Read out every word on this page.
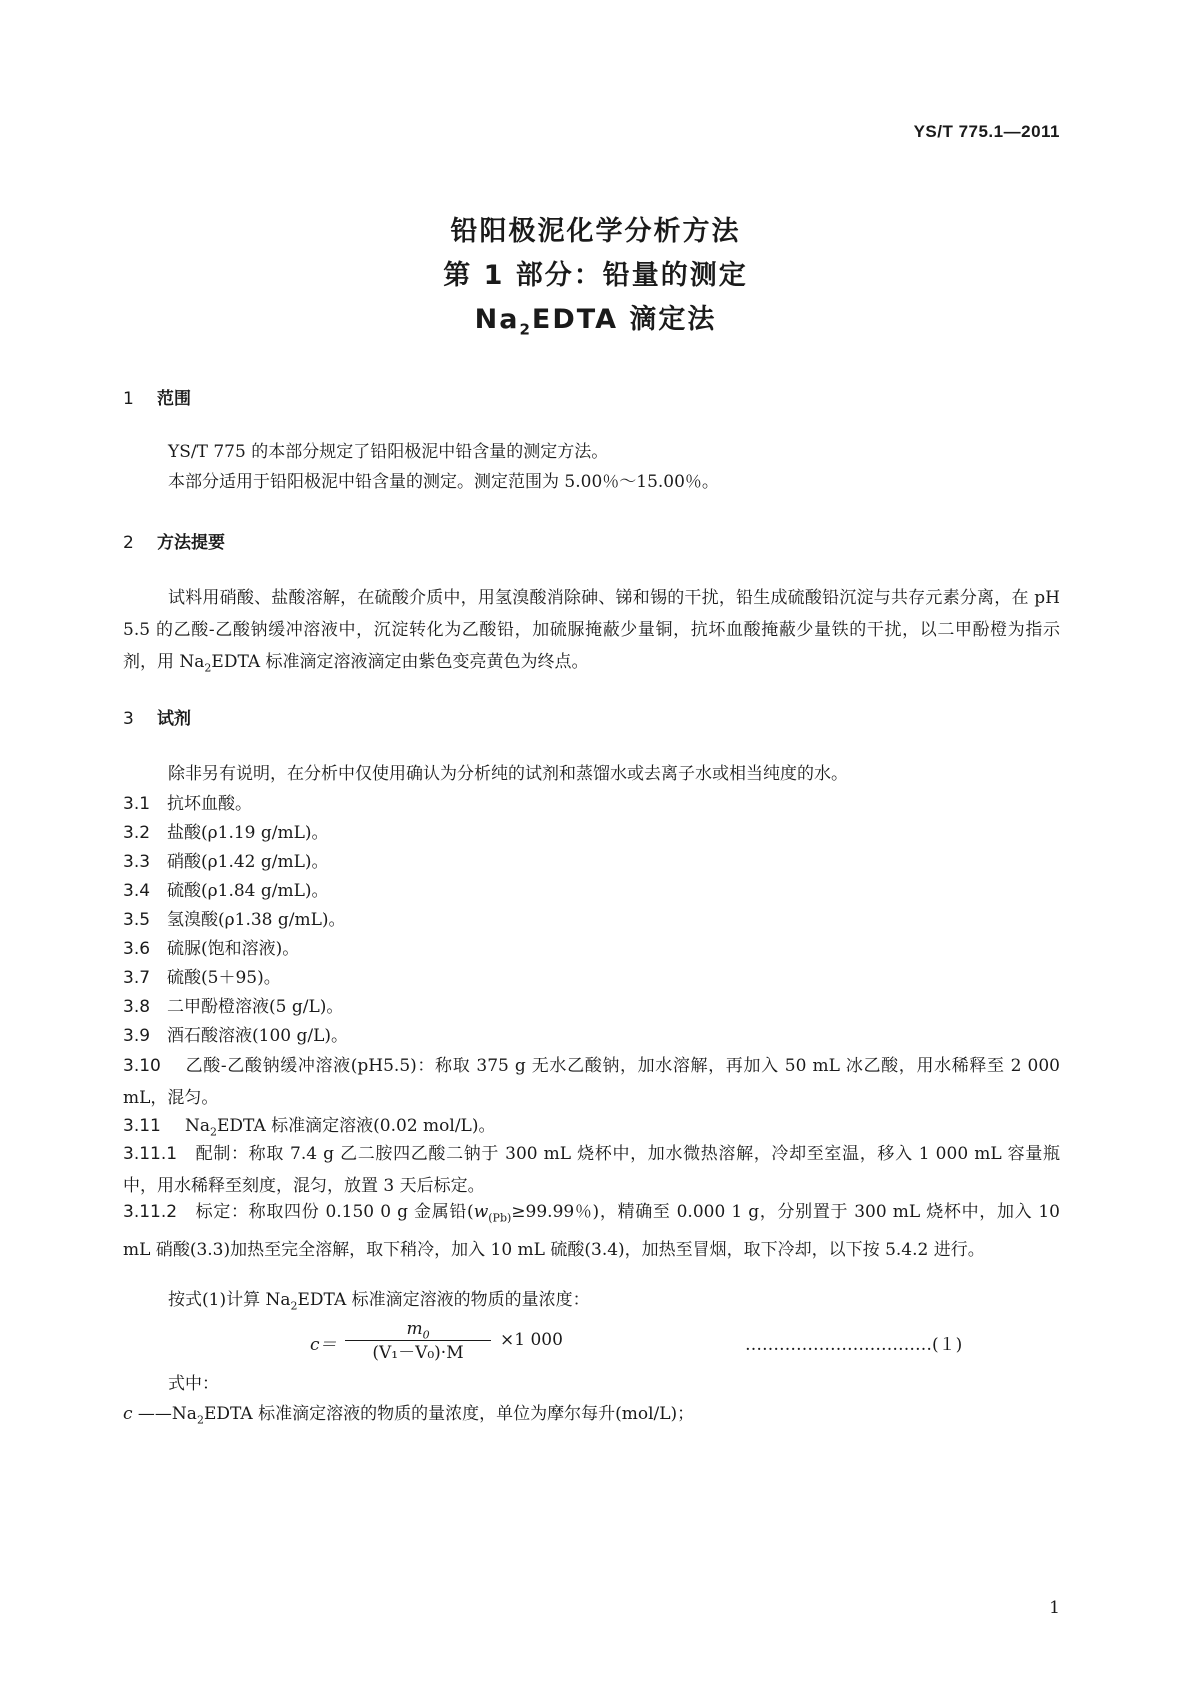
YS/T 775.1—2011
铅阳极泥化学分析方法
第 1 部分：铅量的测定
$Na_2EDTA$ 滴定法
1 范围
YS/T 775 的本部分规定了铅阳极泥中铅含量的测定方法。
本部分适用于铅阳极泥中铅含量的测定。测定范围为 5.00％～15.00％。
2 方法提要
试料用硝酸、盐酸溶解，在硫酸介质中，用氢溴酸消除砷、锑和锡的干扰，铅生成硫酸铅沉淀与共存元素分离，在 pH 5.5 的乙酸-乙酸钠缓冲溶液中，沉淀转化为乙酸铅，加硫脲掩蔽少量铜，抗坏血酸掩蔽少量铁的干扰，以二甲酚橙为指示剂，用 $Na_2EDTA$ 标准滴定溶液滴定由紫色变亮黄色为终点。
3 试剂
除非另有说明，在分析中仅使用确认为分析纯的试剂和蒸馏水或去离子水或相当纯度的水。
3.1 抗坏血酸。
3.2 盐酸(ρ1.19 g/mL)。
3.3 硝酸(ρ1.42 g/mL)。
3.4 硫酸(ρ1.84 g/mL)。
3.5 氢溴酸(ρ1.38 g/mL)。
3.6 硫脲(饱和溶液)。
3.7 硫酸(5＋95)。
3.8 二甲酚橙溶液(5 g/L)。
3.9 酒石酸溶液(100 g/L)。
3.10 乙酸-乙酸钠缓冲溶液(pH5.5)：称取 375 g 无水乙酸钠，加水溶解，再加入 50 mL 冰乙酸，用水稀释至 2 000 mL，混匀。
3.11 $Na_2EDTA$ 标准滴定溶液(0.02 mol/L)。
3.11.1 配制：称取 7.4 g 乙二胺四乙酸二钠于 300 mL 烧杯中，加水微热溶解，冷却至室温，移入 1 000 mL 容量瓶中，用水稀释至刻度，混匀，放置 3 天后标定。
3.11.2 标定：称取四份 0.150 0 g 金属铅($w_{(Pb)}\ge 99.99$％)，精确至 0.000 1 g，分别置于 300 mL 烧杯中，加入 10 mL 硝酸(3.3)加热至完全溶解，取下稍冷，加入 10 mL 硫酸(3.4)，加热至冒烟，取下冷却，以下按 5.4.2 进行。
按式(1)计算 $Na_2EDTA$ 标准滴定溶液的物质的量浓度：
式中：
c $——Na_2EDTA$ 标准滴定溶液的物质的量浓度，单位为摩尔每升(mol/L)；
c＝
$m_0$
(V₁－V₀)·M
×1 000	……………………………(１)
1
